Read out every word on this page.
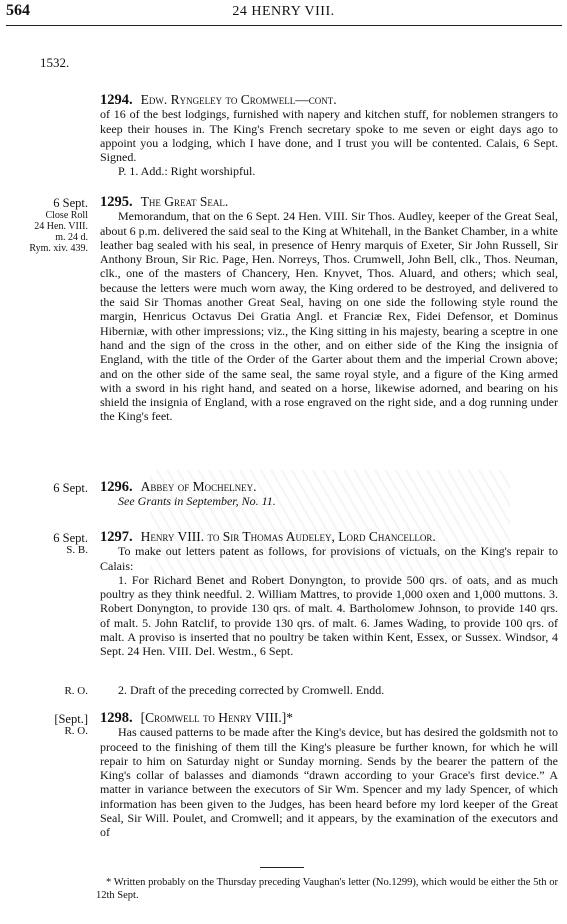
564	24 HENRY VIII.
1532.
1294. Edw. Ryngeley to Cromwell—cont.

of 16 of the best lodgings, furnished with napery and kitchen stuff, for noblemen strangers to keep their houses in. The King's French secretary spoke to me seven or eight days ago to appoint you a lodging, which I have done, and I trust you will be contented. Calais, 6 Sept. Signed.

P. 1. Add.: Right worshipful.

6 Sept.
Close Roll
24 Hen. VIII.
m. 24 d.
Rym. xiv. 439.
1295. The Great Seal.

Memorandum, that on the 6 Sept. 24 Hen. VIII. Sir Thos. Audley, keeper of the Great Seal, about 6 p.m. delivered the said seal to the King at Whitehall, in the Banket Chamber, in a white leather bag sealed with his seal, in presence of Henry marquis of Exeter, Sir John Russell, Sir Anthony Broun, Sir Ric. Page, Hen. Norreys, Thos. Crumwell, John Bell, clk., Thos. Neuman, clk., one of the masters of Chancery, Hen. Knyvet, Thos. Aluard, and others; which seal, because the letters were much worn away, the King ordered to be destroyed, and delivered to the said Sir Thomas another Great Seal, having on one side the following style round the margin, Henricus Octavus Dei Gratia Angl. et Franciæ Rex, Fidei Defensor, et Dominus Hiberniæ, with other impressions; viz., the King sitting in his majesty, bearing a sceptre in one hand and the sign of the cross in the other, and on either side of the King the insignia of England, with the title of the Order of the Garter about them and the imperial Crown above; and on the other side of the same seal, the same royal style, and a figure of the King armed with a sword in his right hand, and seated on a horse, likewise adorned, and bearing on his shield the insignia of England, with a rose engraved on the right side, and a dog running under the King's feet.

6 Sept. 1296. Abbey of Mochelney.

See Grants in September, No. 11.

6 Sept.
S. B.
1297. Henry VIII. to Sir Thomas Audeley, Lord Chancellor.

To make out letters patent as follows, for provisions of victuals, on the King's repair to Calais:

1. For Richard Benet and Robert Donyngton, to provide 500 qrs. of oats, and as much poultry as they think needful. 2. William Mattres, to provide 1,000 oxen and 1,000 muttons. 3. Robert Donyngton, to provide 130 qrs. of malt. 4. Bartholomew Johnson, to provide 140 qrs. of malt. 5. John Ratclif, to provide 130 qrs. of malt. 6. James Wading, to provide 100 qrs. of malt. A proviso is inserted that no poultry be taken within Kent, Essex, or Sussex. Windsor, 4 Sept. 24 Hen. VIII. Del. Westm., 6 Sept.

R. O.	2. Draft of the preceding corrected by Cromwell. Endd.

[Sept.]
R. O.
1298. [Cromwell to Henry VIII.]*

Has caused patterns to be made after the King's device, but has desired the goldsmith not to proceed to the finishing of them till the King's pleasure be further known, for which he will repair to him on Saturday night or Sunday morning. Sends by the bearer the pattern of the King's collar of balasses and diamonds “drawn according to your Grace's first device.” A matter in variance between the executors of Sir Wm. Spencer and my lady Spencer, of which information has been given to the Judges, has been heard before my lord keeper of the Great Seal, Sir Will. Poulet, and Cromwell; and it appears, by the examination of the executors and of

* Written probably on the Thursday preceding Vaughan's letter (No.1299), which would be either the 5th or 12th Sept.
